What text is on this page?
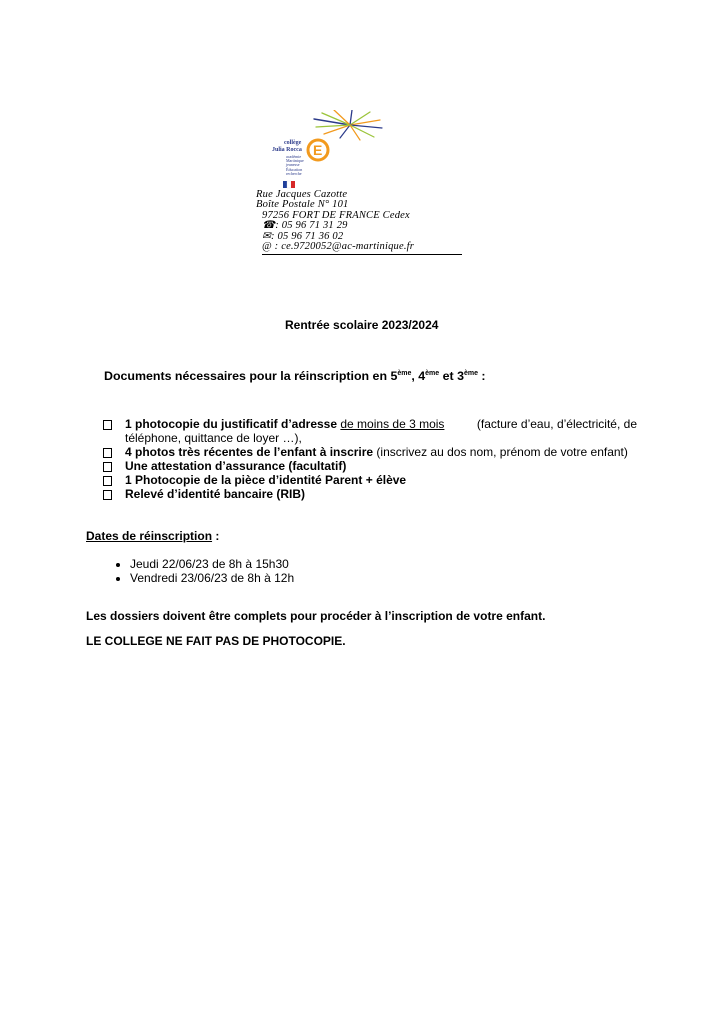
E
collège
Julia Rocca
académie
Martinique
jeunesse
Éducation
recherche
Rue Jacques Cazotte
Boîte Postale N° 101
97256 FORT DE FRANCE Cedex
☎: 05 96 71 31 29
✉: 05 96 71 36 02
@ : ce.9720052@ac-martinique.fr
Rentrée scolaire 2023/2024
Documents nécessaires pour la réinscription en 5ème, 4ème et 3ème :
1 photocopie du justificatif d’adresse de moins de 3 mois	(facture d’eau, d’électricité, de
téléphone, quittance de loyer …),
4 photos très récentes de l’enfant à inscrire (inscrivez au dos nom, prénom de votre enfant)
Une attestation d’assurance (facultatif)
1 Photocopie de la pièce d’identité Parent + élève
Relevé d’identité bancaire (RIB)
Dates de réinscription :
Jeudi 22/06/23 de 8h à 15h30
Vendredi 23/06/23 de 8h à 12h
Les dossiers doivent être complets pour procéder à l’inscription de votre enfant.
LE COLLEGE NE FAIT PAS DE PHOTOCOPIE.
